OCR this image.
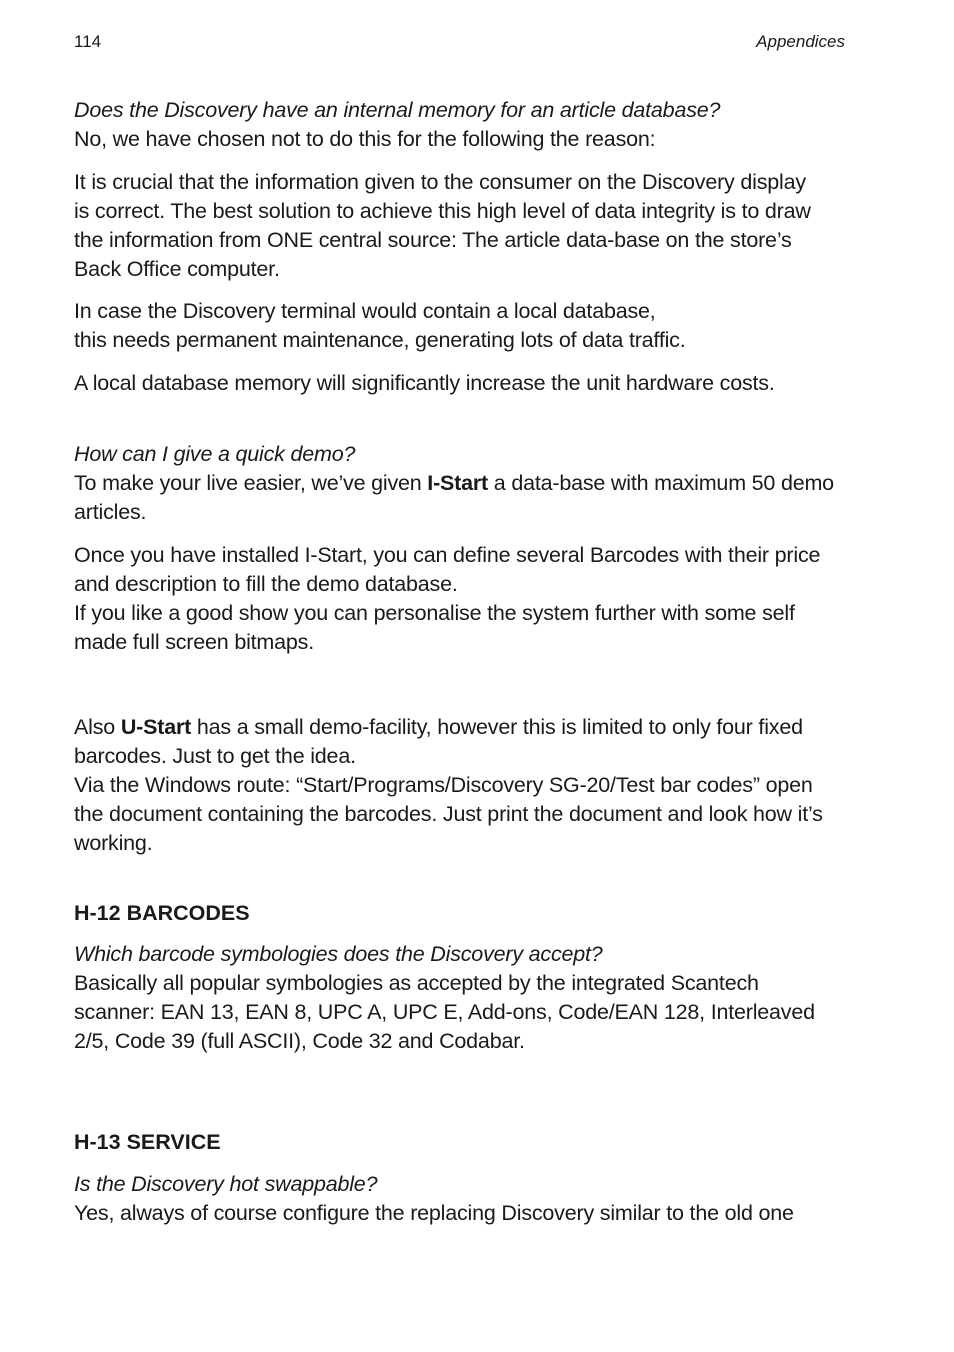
114	Appendices

Does the Discovery have an internal memory for an article database?

No, we have chosen not to do this for the following the reason:

It is crucial that the information given to the consumer on the Discovery display

is correct. The best solution to achieve this high level of data integrity is to draw

the information from ONE central source: The article data-base on the store’s

Back Office computer.

In case the Discovery terminal would contain a local database,

this needs permanent maintenance, generating lots of data traffic.

A local database memory will significantly increase the unit hardware costs.

How can I give a quick demo?

To make your live easier, we’ve given I-Start a data-base with maximum 50 demo

articles.

Once you have installed I-Start, you can define several Barcodes with their price

and description to fill the demo database.

If you like a good show you can personalise the system further with some self

made full screen bitmaps.

Also U-Start has a small demo-facility, however this is limited to only four fixed

barcodes. Just to get the idea.

Via the Windows route: “Start/Programs/Discovery SG-20/Test bar codes” open

the document containing the barcodes. Just print the document and look how it’s

working.

H-12 BARCODES

Which barcode symbologies does the Discovery accept?

Basically all popular symbologies as accepted by the integrated Scantech

scanner: EAN 13, EAN 8, UPC A, UPC E, Add-ons, Code/EAN 128, Interleaved

2/5, Code 39 (full ASCII), Code 32 and Codabar.

H-13 SERVICE

Is the Discovery hot swappable?

Yes, always of course configure the replacing Discovery similar to the old one
